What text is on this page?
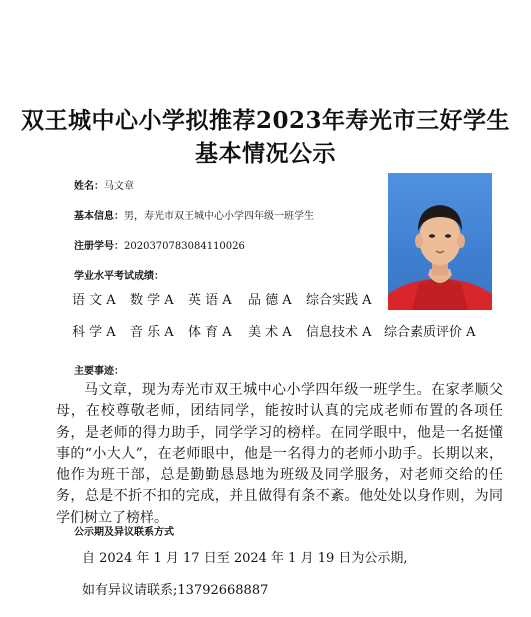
双王城中心小学拟推荐2023年寿光市三好学生
基本情况公示
姓名：马文章
基本信息：男，寿光市双王城中心小学四年级一班学生
注册学号：2020370783084110026
学业水平考试成绩：
语 文 A 数 学 A 英 语 A 品 德 A 综合实践 A
科 学 A 音 乐 A 体 育 A 美 术 A 信息技术 A 综合素质评价 A
主要事迹：

马文章，现为寿光市双王城中心小学四年级一班学生。在家孝顺父母，在校尊敬老师，团结同学，能按时认真的完成老师布置的各项任务，是老师的得力助手，同学学习的榜样。在同学眼中，他是一名挺懂事的“小大人”，在老师眼中，他是一名得力的老师小助手。长期以来，他作为班干部，总是勤勤恳恳地为班级及同学服务，对老师交给的任务，总是不折不扣的完成，并且做得有条不紊。他处处以身作则，为同学们树立了榜样。

公示期及异议联系方式
自 2024 年 1 月 17 日至 2024 年 1 月 19 日为公示期,
如有异议请联系;13792668887
